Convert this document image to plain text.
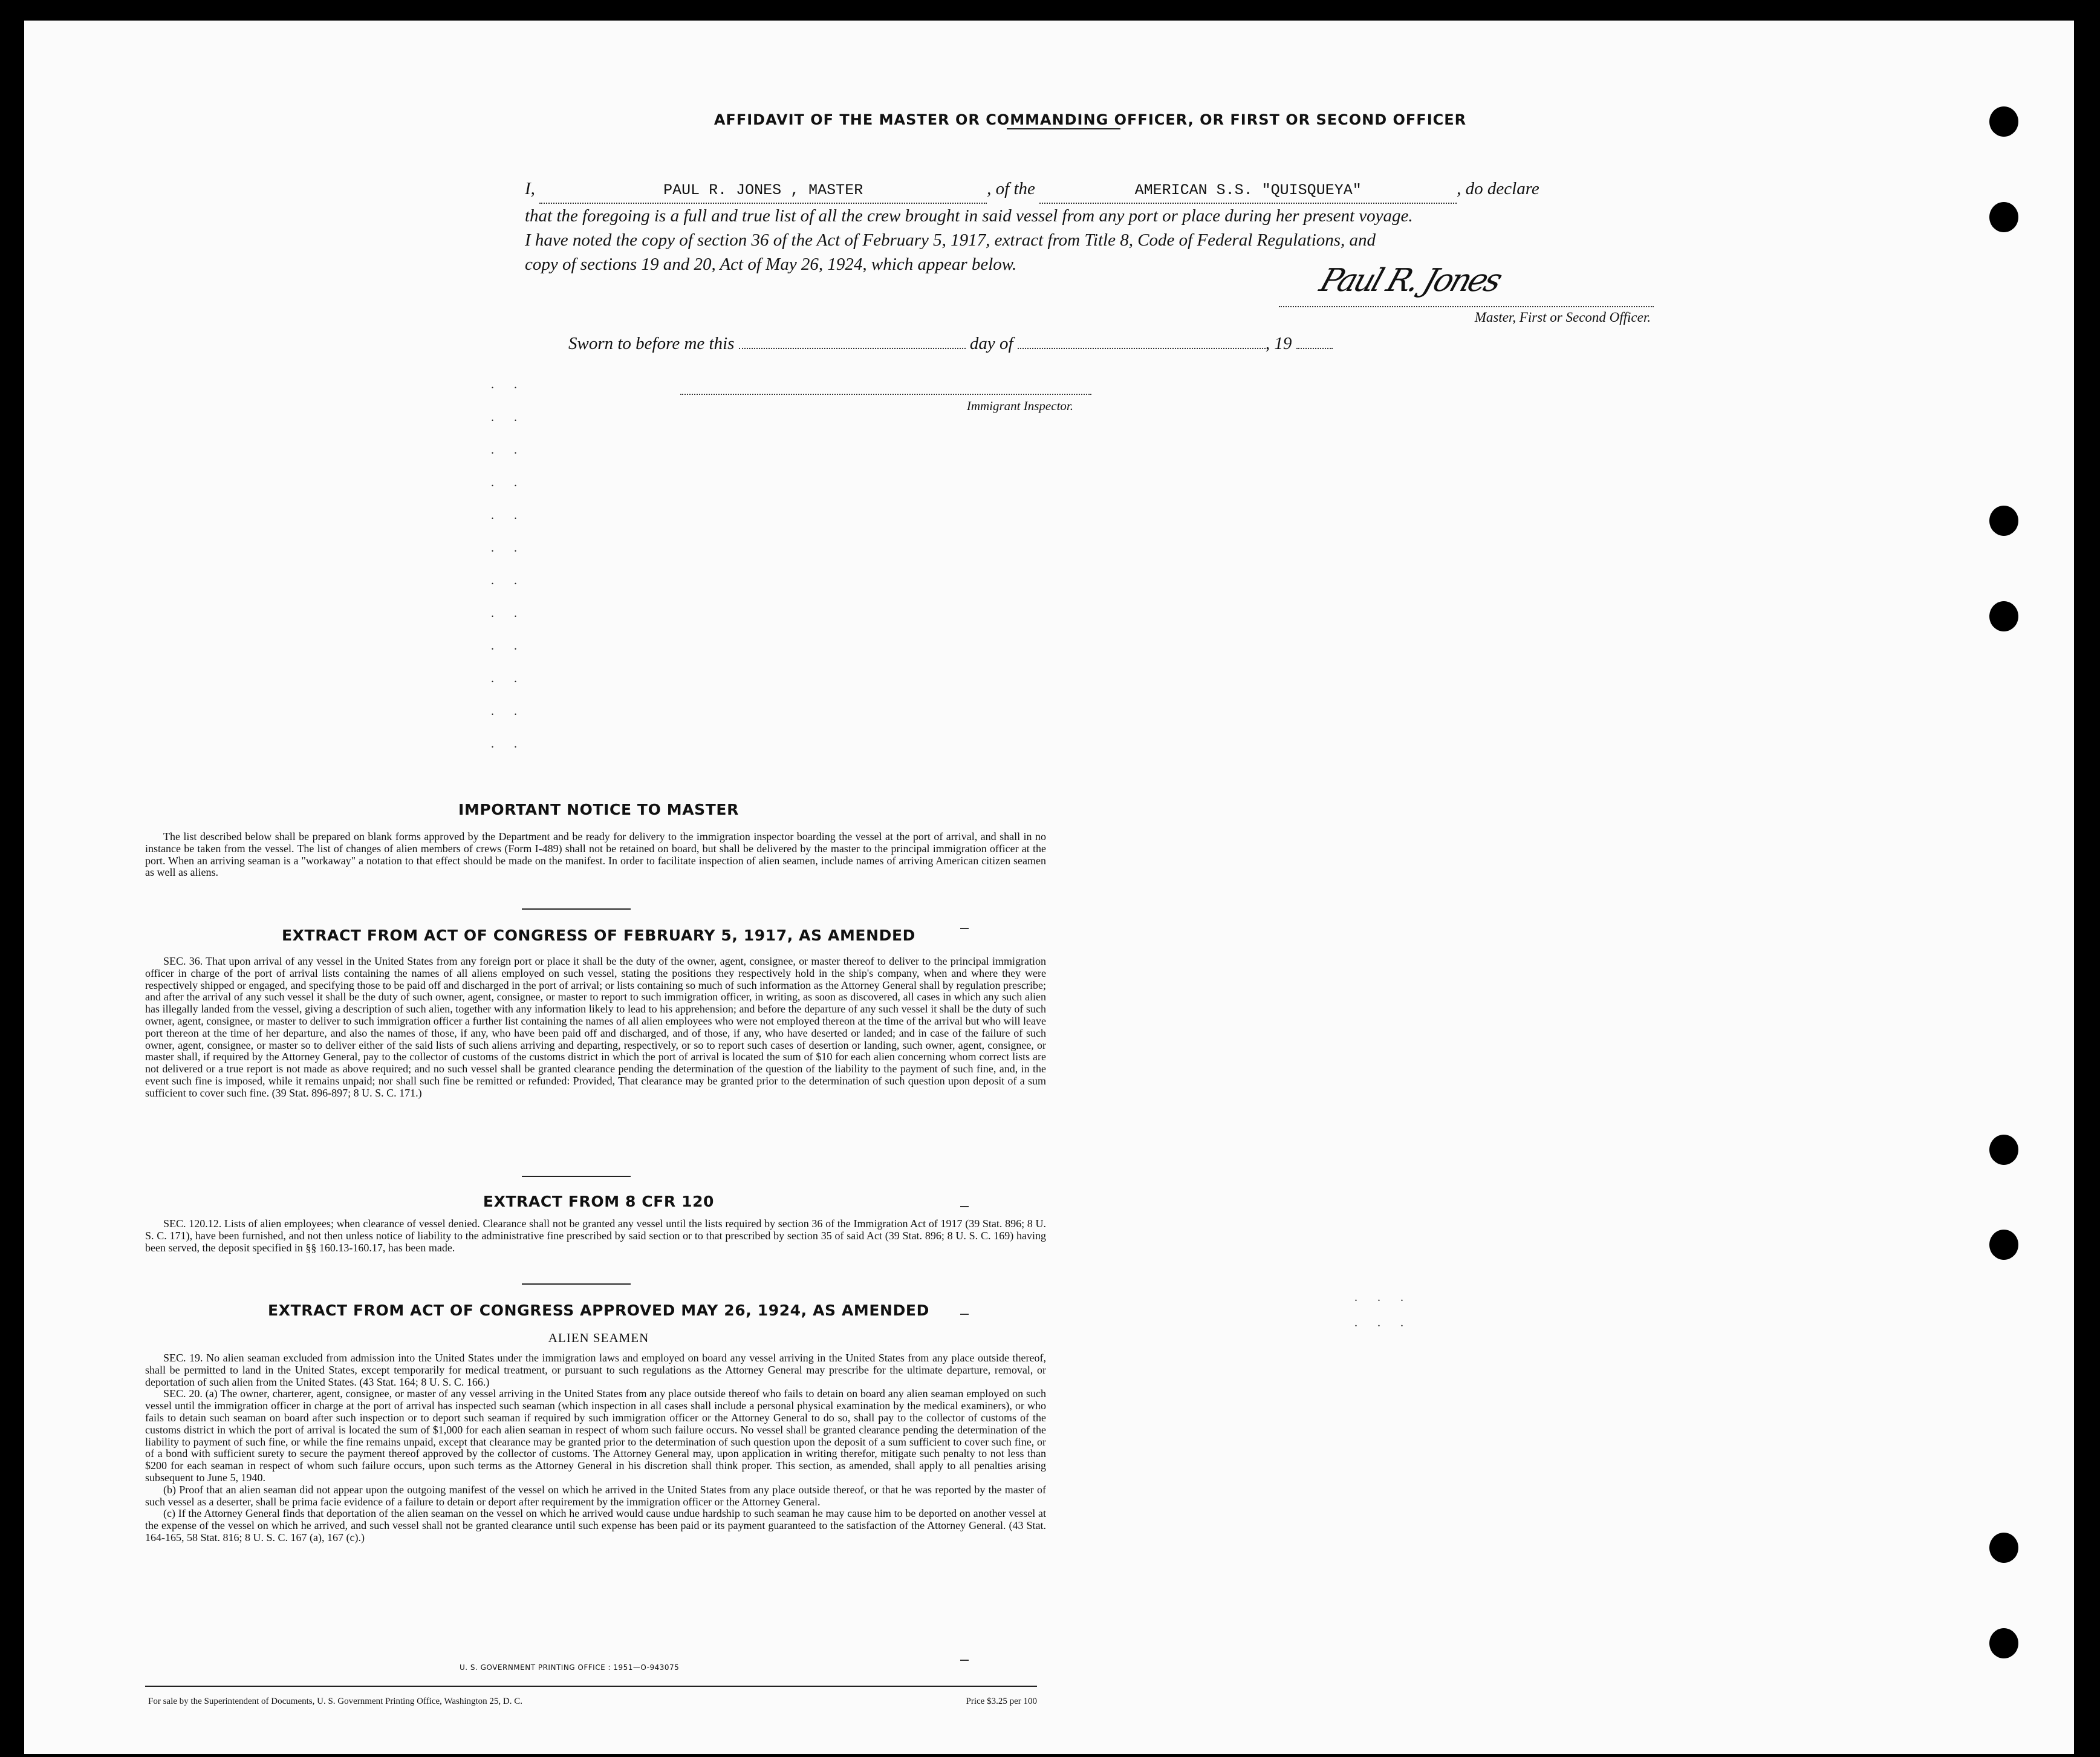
AFFIDAVIT OF THE MASTER OR COMMANDING OFFICER, OR FIRST OR SECOND OFFICER

I,	PAUL R. JONES , MASTER	, of the	AMERICAN S.S. "QUISQUEYA"	, do declare

that the foregoing is a full and true list of all the crew brought in said vessel from any port or place during her present voyage.

I have noted the copy of section 36 of the Act of February 5, 1917, extract from Title 8, Code of Federal Regulations, and

copy of sections 19 and 20, Act of May 26, 1924, which appear below.	Paul R. Jones
Master, First or Second Officer.
Sworn to before me this	day of	, 19
Immigrant Inspector.
. .
. .
. .
. .
. .
. .
. .
. .
. .
. .
. .
. .
IMPORTANT NOTICE TO MASTER
The list described below shall be prepared on blank forms approved by the Department and be ready for delivery to the immigration inspector boarding the vessel at the port of arrival, and shall in no instance be taken from the vessel. The list of changes of alien members of crews (Form I-489) shall not be retained on board, but shall be delivered by the master to the principal immigration officer at the port. When an arriving seaman is a "workaway" a notation to that effect should be made on the manifest. In order to facilitate inspection of alien seamen, include names of arriving American citizen seamen as well as aliens.
EXTRACT FROM ACT OF CONGRESS OF FEBRUARY 5, 1917, AS AMENDED
SEC. 36. That upon arrival of any vessel in the United States from any foreign port or place it shall be the duty of the owner, agent, consignee, or master thereof to deliver to the principal immigration officer in charge of the port of arrival lists containing the names of all aliens employed on such vessel, stating the positions they respectively hold in the ship's company, when and where they were respectively shipped or engaged, and specifying those to be paid off and discharged in the port of arrival; or lists containing so much of such information as the Attorney General shall by regulation prescribe; and after the arrival of any such vessel it shall be the duty of such owner, agent, consignee, or master to report to such immigration officer, in writing, as soon as discovered, all cases in which any such alien has illegally landed from the vessel, giving a description of such alien, together with any information likely to lead to his apprehension; and before the departure of any such vessel it shall be the duty of such owner, agent, consignee, or master to deliver to such immigration officer a further list containing the names of all alien employees who were not employed thereon at the time of the arrival but who will leave port thereon at the time of her departure, and also the names of those, if any, who have been paid off and discharged, and of those, if any, who have deserted or landed; and in case of the failure of such owner, agent, consignee, or master so to deliver either of the said lists of such aliens arriving and departing, respectively, or so to report such cases of desertion or landing, such owner, agent, consignee, or master shall, if required by the Attorney General, pay to the collector of customs of the customs district in which the port of arrival is located the sum of $10 for each alien concerning whom correct lists are not delivered or a true report is not made as above required; and no such vessel shall be granted clearance pending the determination of the question of the liability to the payment of such fine, and, in the event such fine is imposed, while it remains unpaid; nor shall such fine be remitted or refunded: Provided, That clearance may be granted prior to the determination of such question upon deposit of a sum sufficient to cover such fine. (39 Stat. 896-897; 8 U. S. C. 171.)
EXTRACT FROM 8 CFR 120
SEC. 120.12. Lists of alien employees; when clearance of vessel denied. Clearance shall not be granted any vessel until the lists required by section 36 of the Immigration Act of 1917 (39 Stat. 896; 8 U. S. C. 171), have been furnished, and not then unless notice of liability to the administrative fine prescribed by said section or to that prescribed by section 35 of said Act (39 Stat. 896; 8 U. S. C. 169) having been served, the deposit specified in §§ 160.13-160.17, has been made.
EXTRACT FROM ACT OF CONGRESS APPROVED MAY 26, 1924, AS AMENDED
ALIEN SEAMEN

SEC. 19. No alien seaman excluded from admission into the United States under the immigration laws and employed on board any vessel arriving in the United States from any place outside thereof, shall be permitted to land in the United States, except temporarily for medical treatment, or pursuant to such regulations as the Attorney General may prescribe for the ultimate departure, removal, or deportation of such alien from the United States. (43 Stat. 164; 8 U. S. C. 166.)

SEC. 20. (a) The owner, charterer, agent, consignee, or master of any vessel arriving in the United States from any place outside thereof who fails to detain on board any alien seaman employed on such vessel until the immigration officer in charge at the port of arrival has inspected such seaman (which inspection in all cases shall include a personal physical examination by the medical examiners), or who fails to detain such seaman on board after such inspection or to deport such seaman if required by such immigration officer or the Attorney General to do so, shall pay to the collector of customs of the customs district in which the port of arrival is located the sum of $1,000 for each alien seaman in respect of whom such failure occurs. No vessel shall be granted clearance pending the determination of the liability to payment of such fine, or while the fine remains unpaid, except that clearance may be granted prior to the determination of such question upon the deposit of a sum sufficient to cover such fine, or of a bond with sufficient surety to secure the payment thereof approved by the collector of customs. The Attorney General may, upon application in writing therefor, mitigate such penalty to not less than $200 for each seaman in respect of whom such failure occurs, upon such terms as the Attorney General in his discretion shall think proper. This section, as amended, shall apply to all penalties arising subsequent to June 5, 1940.

(b) Proof that an alien seaman did not appear upon the outgoing manifest of the vessel on which he arrived in the United States from any place outside thereof, or that he was reported by the master of such vessel as a deserter, shall be prima facie evidence of a failure to detain or deport after requirement by the immigration officer or the Attorney General.

(c) If the Attorney General finds that deportation of the alien seaman on the vessel on which he arrived would cause undue hardship to such seaman he may cause him to be deported on another vessel at the expense of the vessel on which he arrived, and such vessel shall not be granted clearance until such expense has been paid or its payment guaranteed to the satisfaction of the Attorney General. (43 Stat. 164-165, 58 Stat. 816; 8 U. S. C. 167 (a), 167 (c).)

U. S. GOVERNMENT PRINTING OFFICE : 1951—O-943075
For sale by the Superintendent of Documents, U. S. Government Printing Office, Washington 25, D. C.	Price $3.25 per 100
. . .
. . .
